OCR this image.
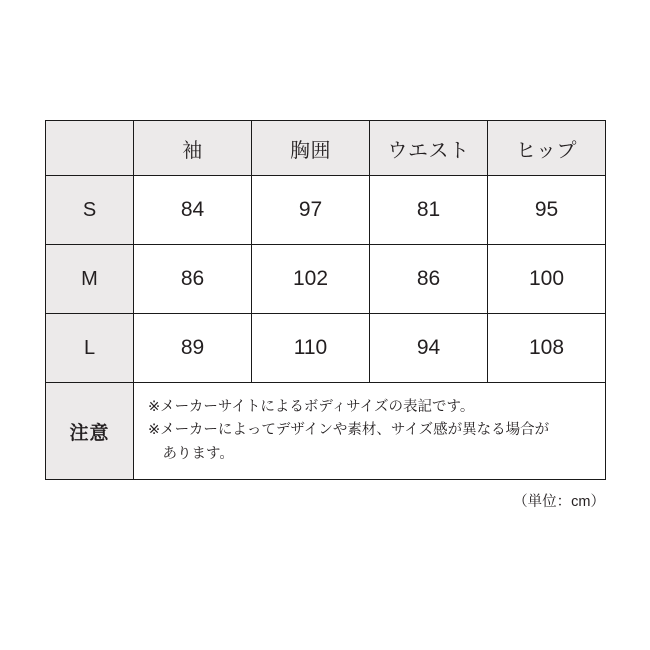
	袖	胸囲	ウエスト	ヒップ
S	84	97	81	95
M	86	102	86	100
L	89	110	94	108
注意	※メーカーサイトによるボディサイズの表記です。
※メーカーによってデザインや素材、サイズ感が異なる場合が
　あります。			
（単位：cm）
